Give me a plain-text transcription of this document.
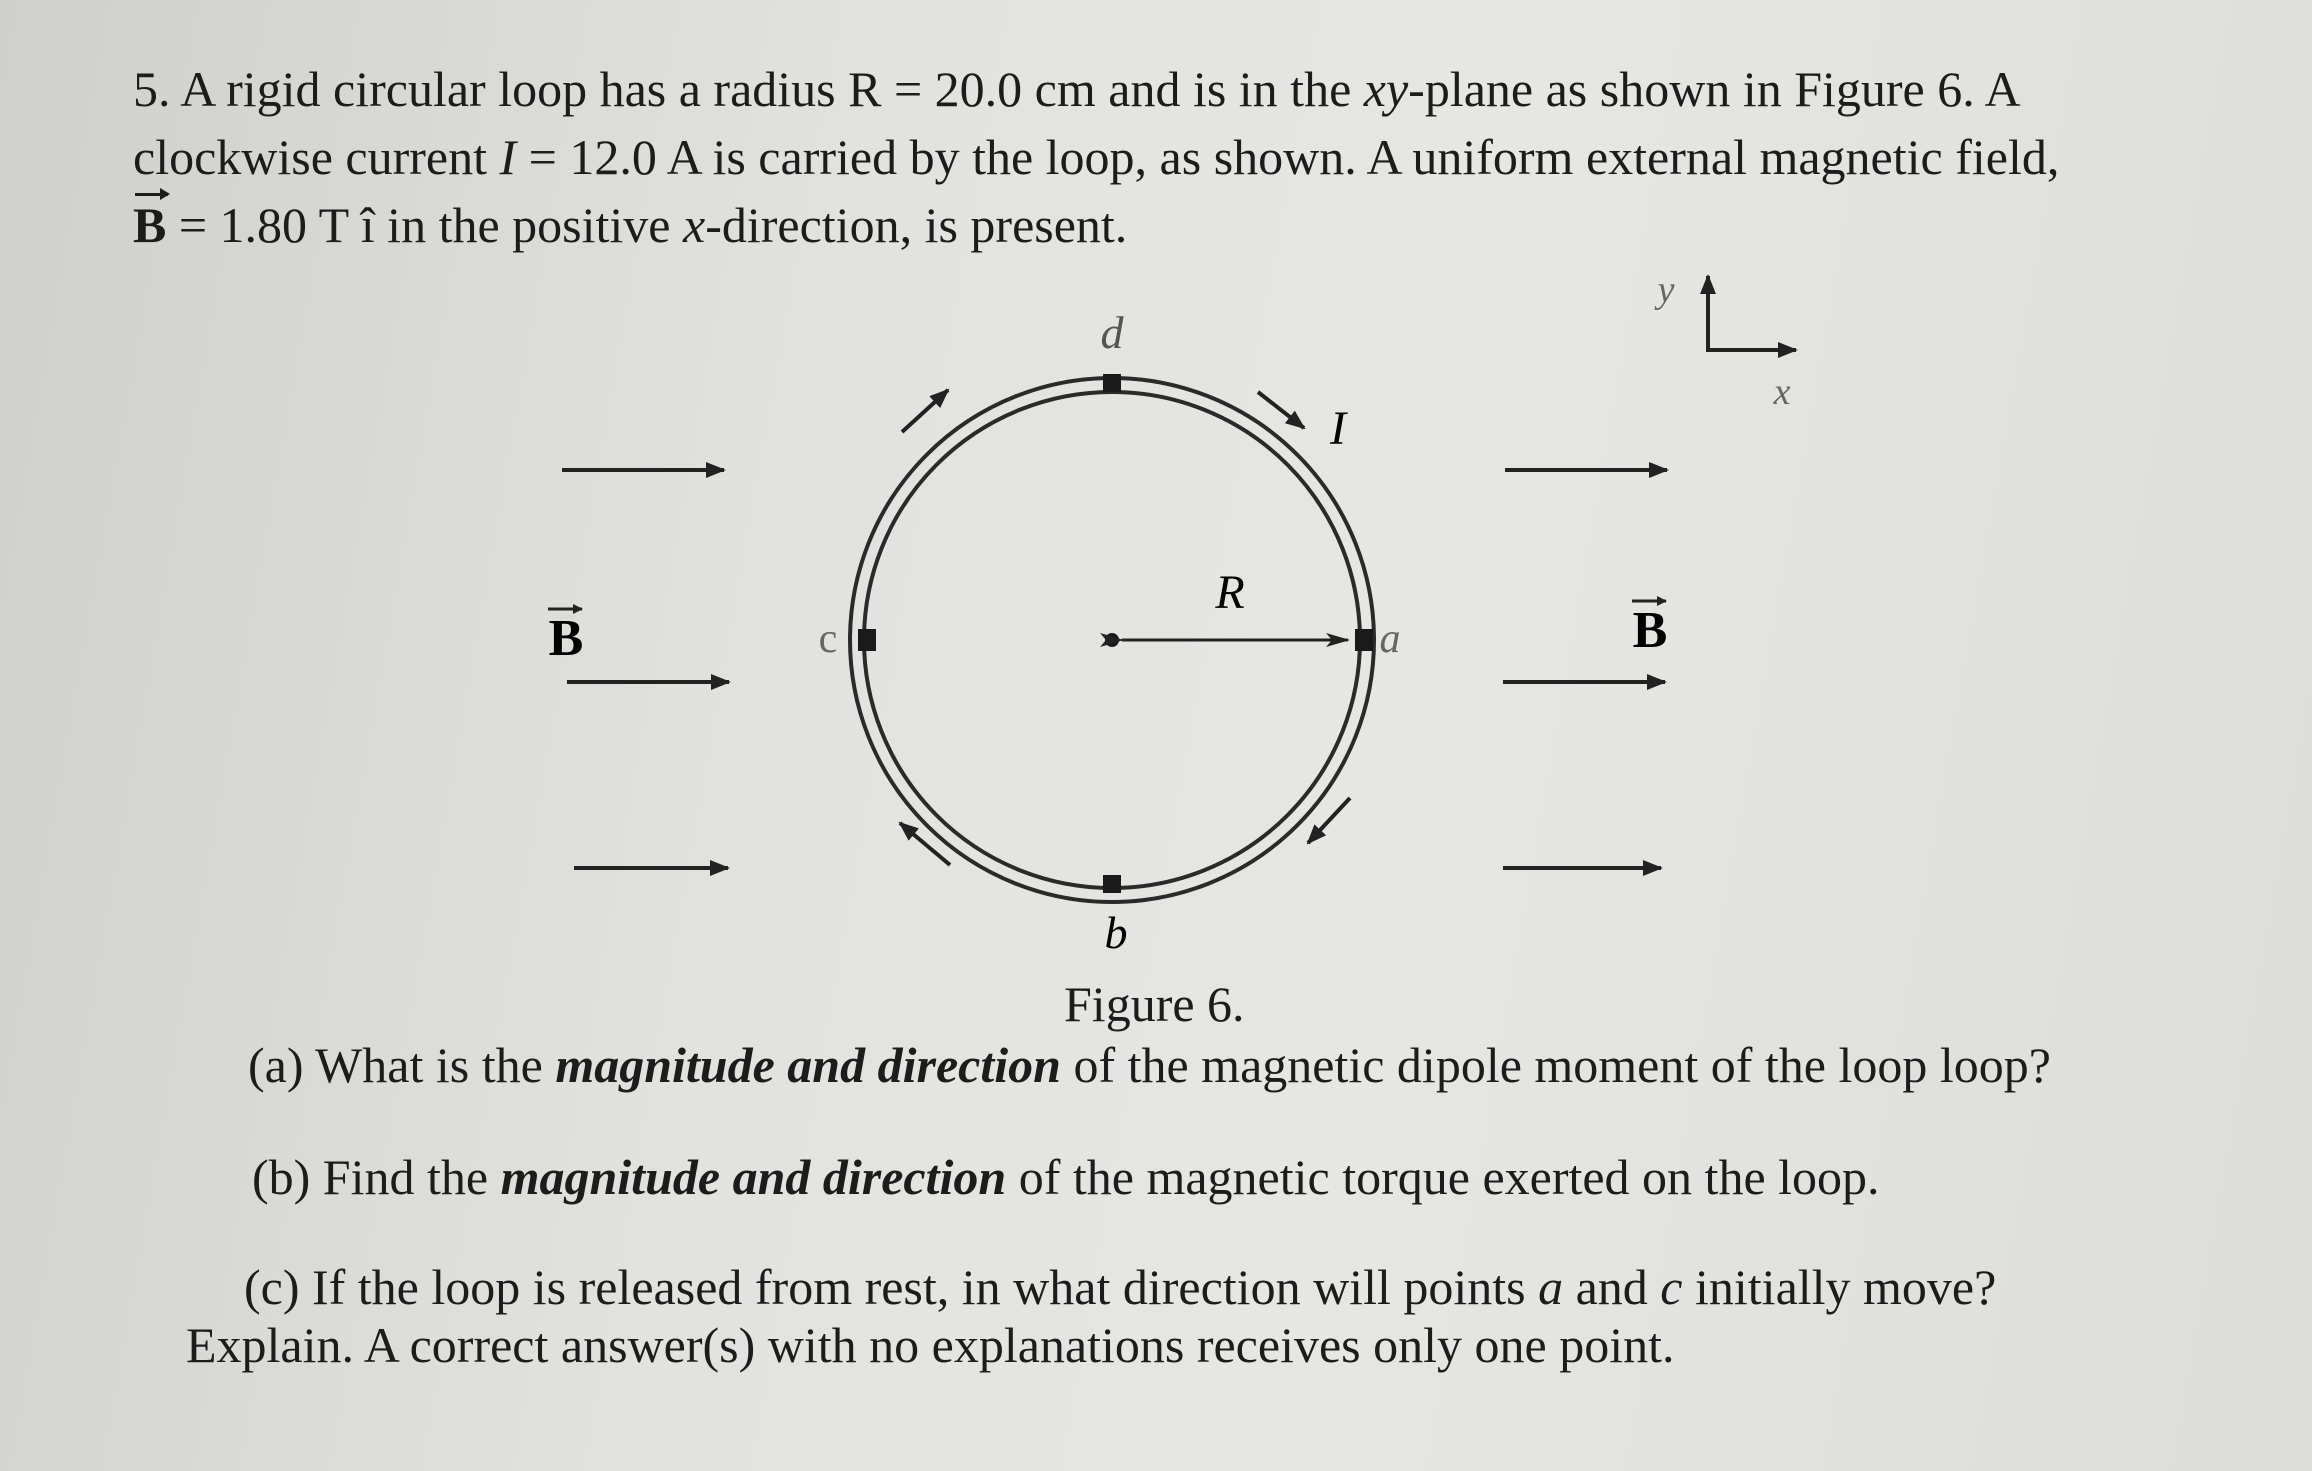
5. A rigid circular loop has a radius R = 20.0 cm and is in the xy-plane as shown in Figure 6. A
clockwise current I = 12.0 A is carried by the loop, as shown. A uniform external magnetic field,
B = 1.80 T î in the positive x-direction, is present.
B	B
d
b
c	a
R
I
y
x
Figure 6.
(a) What is the magnitude and direction of the magnetic dipole moment of the loop loop?
(b) Find the magnitude and direction of the magnetic torque exerted on the loop.
(c) If the loop is released from rest, in what direction will points a and c initially move?
Explain. A correct answer(s) with no explanations receives only one point.
